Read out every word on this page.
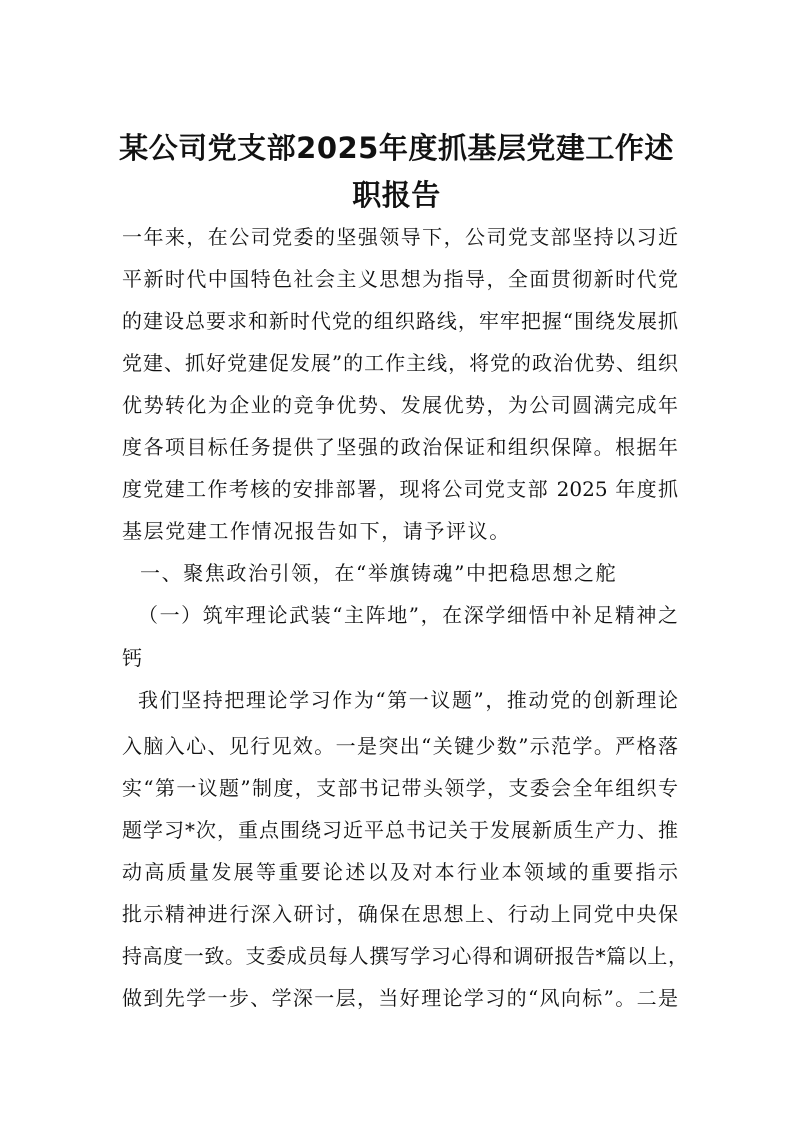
某公司党支部2025年度抓基层党建工作述
职报告
一年来，在公司党委的坚强领导下，公司党支部坚持以习近
平新时代中国特色社会主义思想为指导，全面贯彻新时代党
的建设总要求和新时代党的组织路线，牢牢把握“围绕发展抓
党建、抓好党建促发展”的工作主线，将党的政治优势、组织
优势转化为企业的竞争优势、发展优势，为公司圆满完成年
度各项目标任务提供了坚强的政治保证和组织保障。根据年
度党建工作考核的安排部署，现将公司党支部 2025 年度抓
基层党建工作情况报告如下，请予评议。
一、聚焦政治引领，在“举旗铸魂”中把稳思想之舵
（一）筑牢理论武装“主阵地”，在深学细悟中补足精神之
钙
我们坚持把理论学习作为“第一议题”，推动党的创新理论
入脑入心、见行见效。一是突出“关键少数”示范学。严格落
实“第一议题”制度，支部书记带头领学，支委会全年组织专
题学习*次，重点围绕习近平总书记关于发展新质生产力、推
动高质量发展等重要论述以及对本行业本领域的重要指示
批示精神进行深入研讨，确保在思想上、行动上同党中央保
持高度一致。支委成员每人撰写学习心得和调研报告*篇以上，
做到先学一步、学深一层，当好理论学习的“风向标”。二是
